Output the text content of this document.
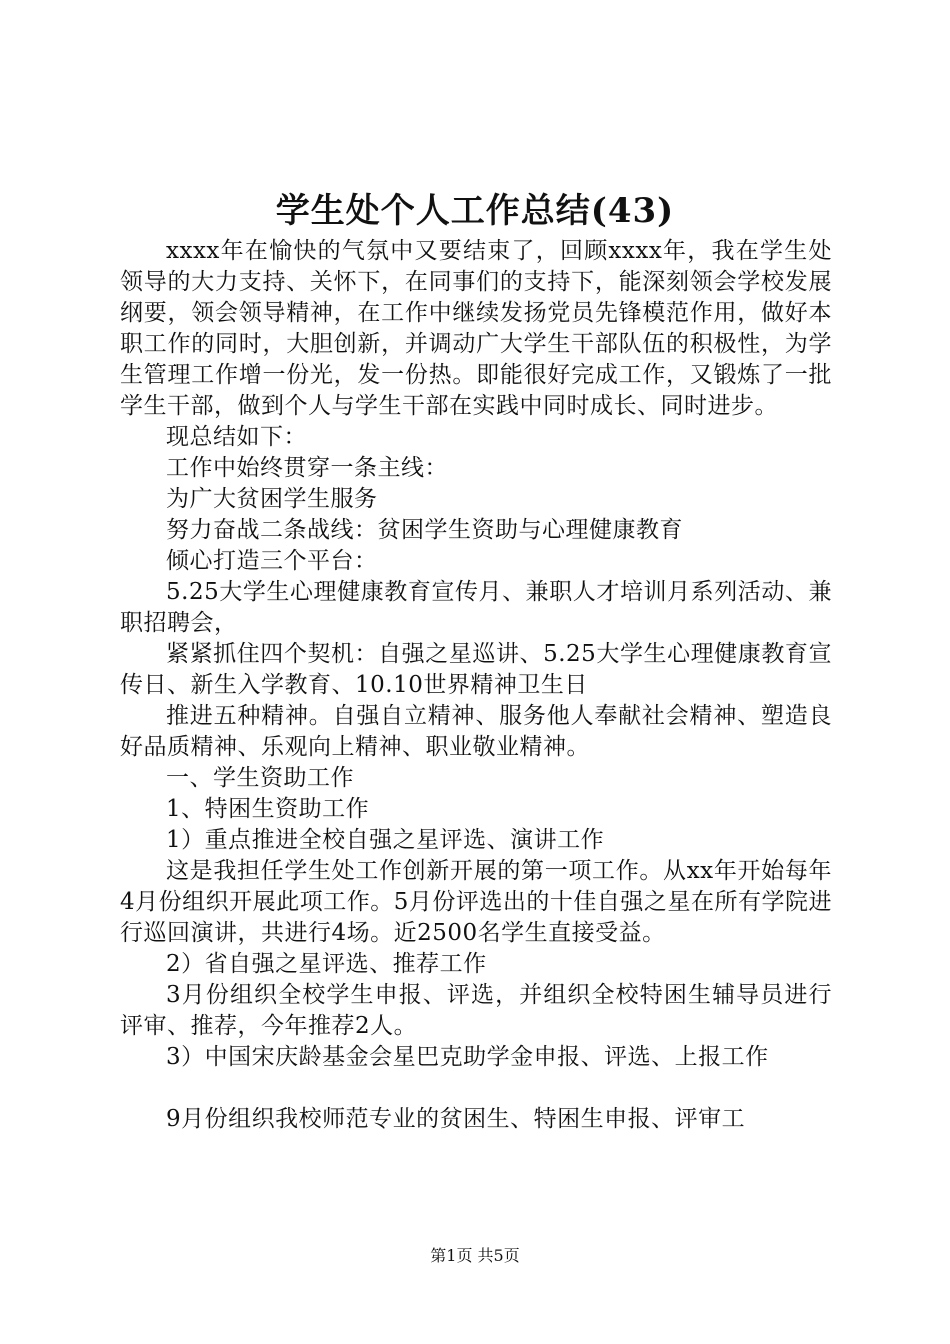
学生处个人工作总结(43)

xxxx年在愉快的气氛中又要结束了，回顾xxxx年，我在学生处领导的大力支持、关怀下，在同事们的支持下，能深刻领会学校发展纲要，领会领导精神，在工作中继续发扬党员先锋模范作用，做好本职工作的同时，大胆创新，并调动广大学生干部队伍的积极性，为学生管理工作增一份光，发一份热。即能很好完成工作，又锻炼了一批学生干部，做到个人与学生干部在实践中同时成长、同时进步。

现总结如下：

工作中始终贯穿一条主线：

为广大贫困学生服务

努力奋战二条战线：贫困学生资助与心理健康教育

倾心打造三个平台：

5.25大学生心理健康教育宣传月、兼职人才培训月系列活动、兼职招聘会，

紧紧抓住四个契机：自强之星巡讲、5.25大学生心理健康教育宣传日、新生入学教育、10.10世界精神卫生日

推进五种精神。自强自立精神、服务他人奉献社会精神、塑造良好品质精神、乐观向上精神、职业敬业精神。

一、学生资助工作

1、特困生资助工作

1）重点推进全校自强之星评选、演讲工作

这是我担任学生处工作创新开展的第一项工作。从xx年开始每年4月份组织开展此项工作。5月份评选出的十佳自强之星在所有学院进行巡回演讲，共进行4场。近2500名学生直接受益。

2）省自强之星评选、推荐工作

3月份组织全校学生申报、评选，并组织全校特困生辅导员进行评审、推荐，今年推荐2人。

3）中国宋庆龄基金会星巴克助学金申报、评选、上报工作

9月份组织我校师范专业的贫困生、特困生申报、评审工

第1页 共5页
